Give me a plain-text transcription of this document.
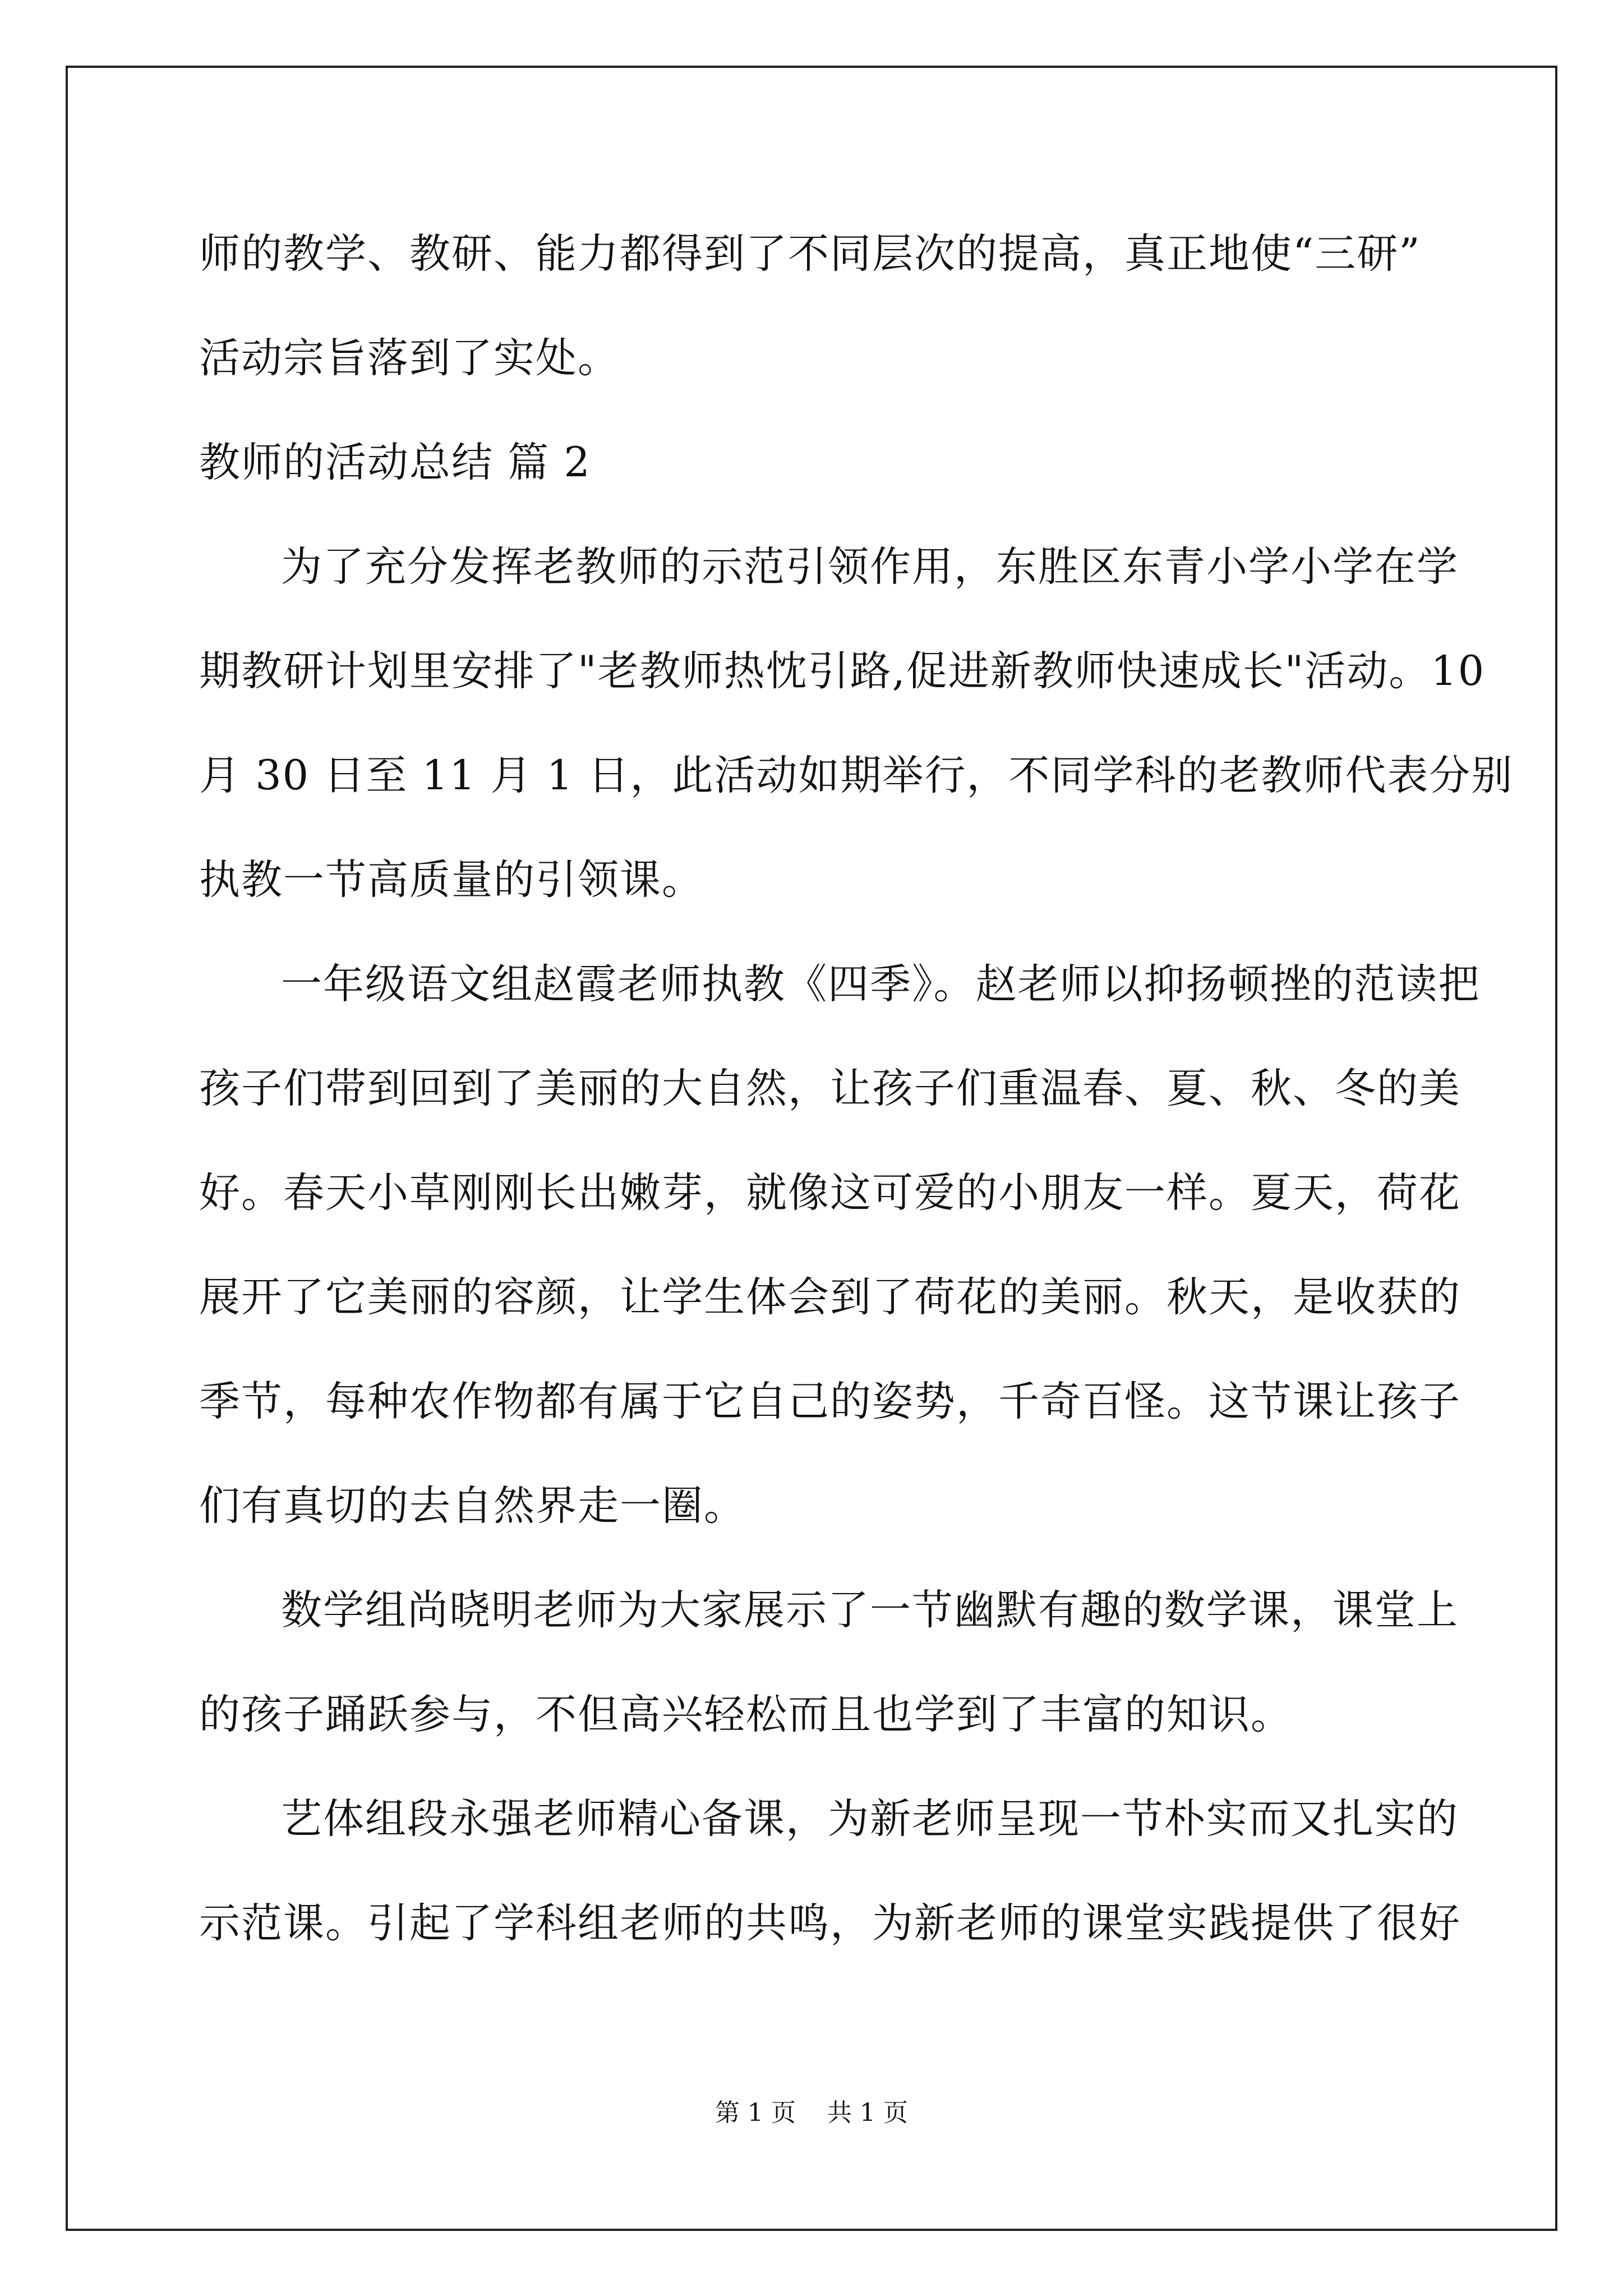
师的教学、教研、能力都得到了不同层次的提高，真正地使“三研”
活动宗旨落到了实处。
教师的活动总结 篇 2
为了充分发挥老教师的示范引领作用，东胜区东青小学小学在学
期教研计划里安排了"老教师热忱引路,促进新教师快速成长"活动。10
月 30 日至 11 月 1 日，此活动如期举行，不同学科的老教师代表分别
执教一节高质量的引领课。
一年级语文组赵霞老师执教《四季》。赵老师以抑扬顿挫的范读把
孩子们带到回到了美丽的大自然，让孩子们重温春、夏、秋、冬的美
好。春天小草刚刚长出嫩芽，就像这可爱的小朋友一样。夏天，荷花
展开了它美丽的容颜，让学生体会到了荷花的美丽。秋天，是收获的
季节，每种农作物都有属于它自己的姿势，千奇百怪。这节课让孩子
们有真切的去自然界走一圈。
数学组尚晓明老师为大家展示了一节幽默有趣的数学课，课堂上
的孩子踊跃参与，不但高兴轻松而且也学到了丰富的知识。
艺体组段永强老师精心备课，为新老师呈现一节朴实而又扎实的
示范课。引起了学科组老师的共鸣，为新老师的课堂实践提供了很好
第 1 页 共 1 页
